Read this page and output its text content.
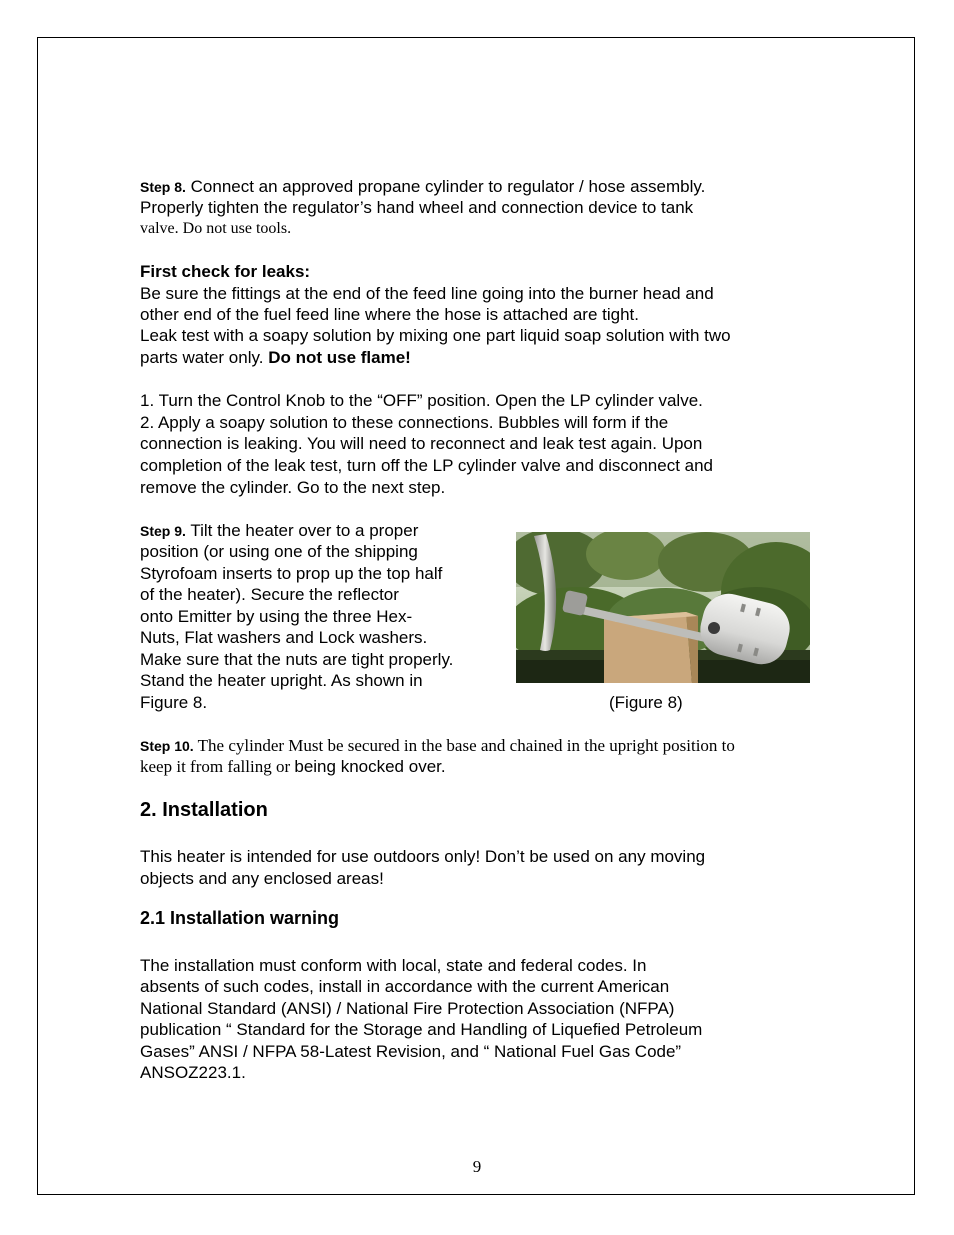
Step 8. Connect an approved propane cylinder to regulator / hose assembly.
Properly tighten the regulator’s hand wheel and connection device to tank
valve. Do not use tools.
First check for leaks:
Be sure the fittings at the end of the feed line going into the burner head and
other end of the fuel feed line where the hose is attached are tight.
Leak test with a soapy solution by mixing one part liquid soap solution with two
parts water only. Do not use flame!
1. Turn the Control Knob to the “OFF” position. Open the LP cylinder valve.
2. Apply a soapy solution to these connections. Bubbles will form if the
connection is leaking. You will need to reconnect and leak test again. Upon
completion of the leak test, turn off the LP cylinder valve and disconnect and
remove the cylinder. Go to the next step.
Step 9. Tilt the heater over to a proper
position (or using one of the shipping
Styrofoam inserts to prop up the top half
of the heater). Secure the reflector
onto Emitter by using the three Hex-
Nuts, Flat washers and Lock washers.
Make sure that the nuts are tight properly.
Stand the heater upright. As shown in
Figure 8.	(Figure 8)
Step 10. The cylinder Must be secured in the base and chained in the upright position to
keep it from falling or being knocked over.
2. Installation
This heater is intended for use outdoors only! Don’t be used on any moving
objects and any enclosed areas!
2.1 Installation warning
The installation must conform with local, state and federal codes. In
absents of such codes, install in accordance with the current American
National Standard (ANSI) / National Fire Protection Association (NFPA)
publication “ Standard for the Storage and Handling of Liquefied Petroleum
Gases” ANSI / NFPA 58-Latest Revision, and “ National Fuel Gas Code”
ANSOZ223.1.
9
